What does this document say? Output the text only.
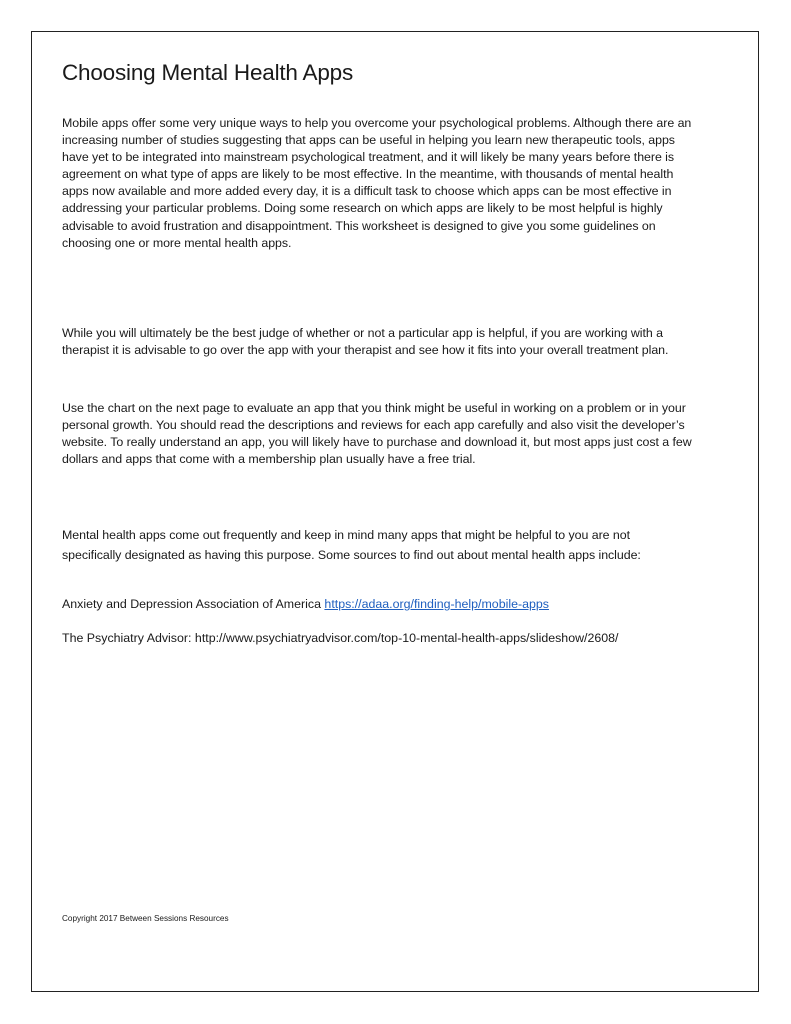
Choosing Mental Health Apps

Mobile apps offer some very unique ways to help you overcome your psychological problems. Although there are an increasing number of studies suggesting that apps can be useful in helping you learn new therapeutic tools, apps have yet to be integrated into mainstream psychological treatment, and it will likely be many years before there is agreement on what type of apps are likely to be most effective. In the meantime, with thousands of mental health apps now available and more added every day, it is a difficult task to choose which apps can be most effective in addressing your particular problems. Doing some research on which apps are likely to be most helpful is highly advisable to avoid frustration and disappointment. This worksheet is designed to give you some guidelines on choosing one or more mental health apps.

While you will ultimately be the best judge of whether or not a particular app is helpful, if you are working with a therapist it is advisable to go over the app with your therapist and see how it fits into your overall treatment plan.

Use the chart on the next page to evaluate an app that you think might be useful in working on a problem or in your personal growth. You should read the descriptions and reviews for each app carefully and also visit the developer’s website. To really understand an app, you will likely have to purchase and download it, but most apps just cost a few dollars and apps that come with a membership plan usually have a free trial.

Mental health apps come out frequently and keep in mind many apps that might be helpful to you are not specifically designated as having this purpose. Some sources to find out about mental health apps include:

Anxiety and Depression Association of America https://adaa.org/finding-help/mobile-apps

The Psychiatry Advisor: http://www.psychiatryadvisor.com/top-10-mental-health-apps/slideshow/2608/

Copyright 2017 Between Sessions Resources
